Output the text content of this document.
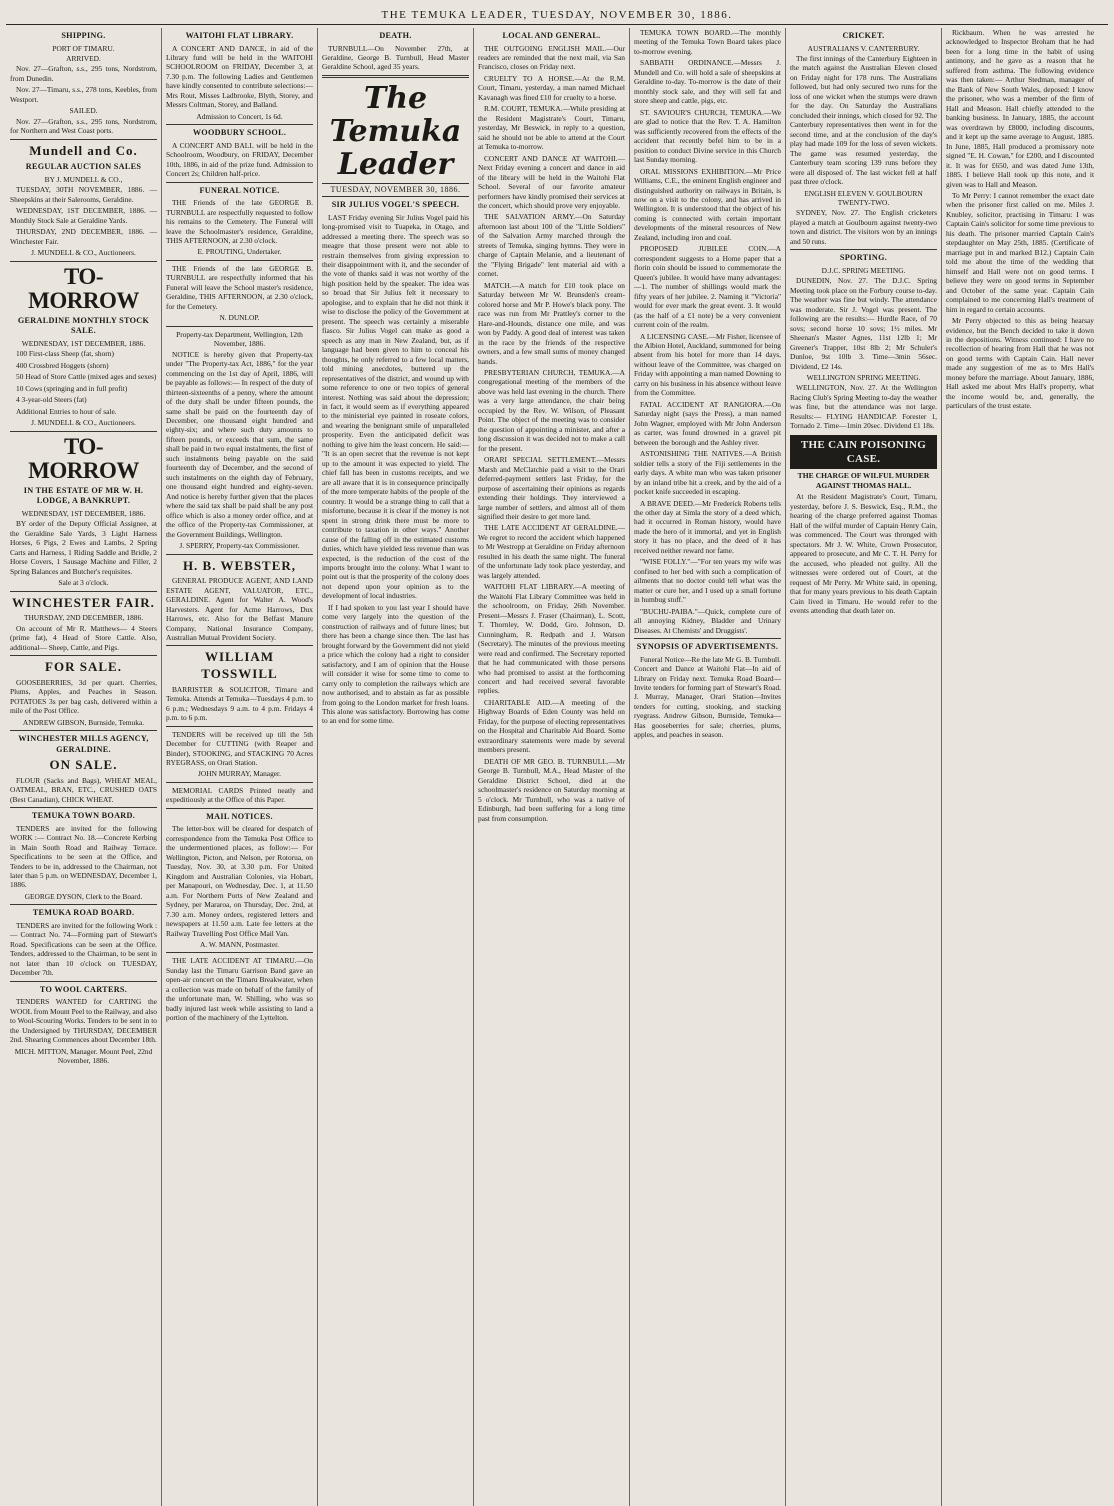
THE TEMUKA LEADER, TUESDAY, NOVEMBER 30, 1886.
SHIPPING.
PORT OF TIMARU.
ARRIVED.

Nov. 27—Grafton, s.s., 295 tons, Nordstrom, from Dunedin.

Nov. 27—Timaru, s.s., 278 tons, Keebles, from Westport.

SAILED.

Nov. 27—Grafton, s.s., 295 tons, Nordstrom, for Northern and West Coast ports.

Mundell and Co.
REGULAR AUCTION SALES
BY J. MUNDELL & CO.,

TUESDAY, 30TH NOVEMBER, 1886. —Sheepskins at their Salerooms, Geraldine.

WEDNESDAY, 1ST DECEMBER, 1886. —Monthly Stock Sale at Geraldine Yards.

THURSDAY, 2ND DECEMBER, 1886. —Winchester Fair.

J. MUNDELL & CO., Auctioneers.
TO-MORROW
GERALDINE MONTHLY STOCK SALE.
WEDNESDAY, 1ST DECEMBER, 1886.

100 First-class Sheep (fat, shorn)

400 Crossbred Hoggets (shorn)

50 Head of Store Cattle (mixed ages and sexes)

10 Cows (springing and in full profit)

4 3-year-old Steers (fat)

Additional Entries to hour of sale.

J. MUNDELL & CO., Auctioneers.
TO-MORROW
IN THE ESTATE OF MR W. H. LODGE, A BANKRUPT.
WEDNESDAY, 1ST DECEMBER, 1886.

BY order of the Deputy Official Assignee, at the Geraldine Sale Yards, 3 Light Harness Horses, 6 Pigs, 2 Ewes and Lambs, 2 Spring Carts and Harness, 1 Riding Saddle and Bridle, 2 Horse Covers, 1 Sausage Machine and Filler, 2 Spring Balances and Butcher's requisites.

Sale at 3 o'clock.
WINCHESTER FAIR.
THURSDAY, 2ND DECEMBER, 1886.

On account of Mr R. Matthews— 4 Steers (prime fat), 4 Head of Store Cattle. Also, additional— Sheep, Cattle, and Pigs.

FOR SALE.

GOOSEBERRIES, 3d per quart. Cherries, Plums, Apples, and Peaches in Season. POTATOES 3s per bag cash, delivered within a mile of the Post Office.

ANDREW GIBSON, Burnside, Temuka.
WINCHESTER MILLS AGENCY, GERALDINE.
ON SALE.

FLOUR (Sacks and Bags), WHEAT MEAL, OATMEAL, BRAN, ETC., CRUSHED OATS (Best Canadian), CHICK WHEAT.

TEMUKA TOWN BOARD.

TENDERS are invited for the following WORK :— Contract No. 18.—Concrete Kerbing in Main South Road and Railway Terrace. Specifications to be seen at the Office, and Tenders to be in, addressed to the Chairman, not later than 5 p.m. on WEDNESDAY, December 1, 1886.

GEORGE DYSON, Clerk to the Board.
TEMUKA ROAD BOARD.

TENDERS are invited for the following Work :— Contract No. 74—Forming part of Stewart's Road. Specifications can be seen at the Office. Tenders, addressed to the Chairman, to be sent in not later than 10 o'clock on TUESDAY, December 7th.

TO WOOL CARTERS.

TENDERS WANTED for CARTING the WOOL from Mount Peel to the Railway, and also to Wool-Scouring Works. Tenders to be sent in to the Undersigned by THURSDAY, DECEMBER 2nd. Shearing Commences about December 18th.

MICH. MITTON, Manager. Mount Peel, 22nd November, 1886.
WAITOHI FLAT LIBRARY.

A CONCERT AND DANCE, in aid of the Library fund will be held in the WAITOHI SCHOOLROOM on FRIDAY, December 3, at 7.30 p.m. The following Ladies and Gentlemen have kindly consented to contribute selections:—Mrs Rout, Misses Ladbrooke, Blyth, Storey, and Messrs Coltman, Storey, and Balland.

Admission to Concert, 1s 6d.
WOODBURY SCHOOL.

A CONCERT AND BALL will be held in the Schoolroom, Woodbury, on FRIDAY, December 10th, 1886, in aid of the prize fund. Admission to Concert 2s; Children half-price.

FUNERAL NOTICE.

THE Friends of the late GEORGE B. TURNBULL are respectfully requested to follow his remains to the Cemetery. The Funeral will leave the Schoolmaster's residence, Geraldine, THIS AFTERNOON, at 2.30 o'clock.

E. PROUTING, Undertaker.

THE Friends of the late GEORGE B. TURNBULL are respectfully informed that his Funeral will leave the School master's residence, Geraldine, THIS AFTERNOON, at 2.30 o'clock, for the Cemetery.

N. DUNLOP.
Property-tax Department, Wellington, 12th November, 1886.

NOTICE is hereby given that Property-tax under "The Property-tax Act, 1886," for the year commencing on the 1st day of April, 1886, will be payable as follows:— In respect of the duty of thirteen-sixteenths of a penny, where the amount of the duty shall be under fifteen pounds, the same shall be paid on the fourteenth day of December, one thousand eight hundred and eighty-six; and where such duty amounts to fifteen pounds, or exceeds that sum, the same shall be paid in two equal instalments, the first of such instalments being payable on the said fourteenth day of December, and the second of such instalments on the eighth day of February, one thousand eight hundred and eighty-seven. And notice is hereby further given that the places where the said tax shall be paid shall be any post office which is also a money order office, and at the office of the Property-tax Commissioner, at the Government Buildings, Wellington.

J. SPERRY, Property-tax Commissioner.
H. B. WEBSTER,

GENERAL PRODUCE AGENT, AND LAND ESTATE AGENT, VALUATOR, ETC., GERALDINE. Agent for Walter A. Wood's Harvesters. Agent for Acme Harrows, Dux Harrows, etc. Also for the Belfast Manure Company, National Insurance Company, Australian Mutual Provident Society.

WILLIAM TOSSWILL

BARRISTER & SOLICITOR, Timaru and Temuka. Attends at Temuka—Tuesdays 4 p.m. to 6 p.m.; Wednesdays 9 a.m. to 4 p.m. Fridays 4 p.m. to 6 p.m.

TENDERS will be received up till the 5th December for CUTTING (with Reaper and Binder), STOOKING, and STACKING 70 Acres RYEGRASS, on Orari Station.

JOHN MURRAY, Manager.

MEMORIAL CARDS Printed neatly and expeditiously at the Office of this Paper.

MAIL NOTICES.

The letter-box will be cleared for despatch of correspondence from the Temuka Post Office to the undermentioned places, as follow:— For Wellington, Picton, and Nelson, per Rotorua, on Tuesday, Nov. 30, at 3.30 p.m. For United Kingdom and Australian Colonies, via Hobart, per Manapouri, on Wednesday, Dec. 1, at 11.50 a.m. For Northern Ports of New Zealand and Sydney, per Mararoa, on Thursday, Dec. 2nd, at 7.30 a.m. Money orders, registered letters and newspapers at 11.50 a.m. Late fee letters at the Railway Travelling Post Office Mail Van.

A. W. MANN, Postmaster.

THE LATE ACCIDENT AT TIMARU.—On Sunday last the Timaru Garrison Band gave an open-air concert on the Timaru Breakwater, when a collection was made on behalf of the family of the unfortunate man, W. Shilling, who was so badly injured last week while assisting to land a portion of the machinery of the Lyttelton.

DEATH.

TURNBULL—On November 27th, at Geraldine, George B. Turnbull, Head Master Geraldine School, aged 35 years.

The Temuka Leader
TUESDAY, NOVEMBER 30, 1886.
SIR JULIUS VOGEL'S SPEECH.

LAST Friday evening Sir Julius Vogel paid his long-promised visit to Tuapeka, in Otago, and addressed a meeting there. The speech was so meagre that those present were not able to restrain themselves from giving expression to their disappointment with it, and the seconder of the vote of thanks said it was not worthy of the high position held by the speaker. The idea was so broad that Sir Julius felt it necessary to apologise, and to explain that he did not think it wise to disclose the policy of the Government at present. The speech was certainly a miserable fiasco. Sir Julius Vogel can make as good a speech as any man in New Zealand, but, as if language had been given to him to conceal his thoughts, he only referred to a few local matters, told mining anecdotes, buttered up the representatives of the district, and wound up with some reference to one or two topics of general interest. Nothing was said about the depression; in fact, it would seem as if everything appeared to the ministerial eye painted in roseate colors, and wearing the benignant smile of unparalleled prosperity. Even the anticipated deficit was nothing to give him the least concern. He said:— "It is an open secret that the revenue is not kept up to the amount it was expected to yield. The chief fall has been in customs receipts, and we are all aware that it is in consequence principally of the more temperate habits of the people of the country. It would be a strange thing to call that a misfortune, because it is clear if the money is not spent in strong drink there must be more to contribute to taxation in other ways." Another cause of the falling off in the estimated customs duties, which have yielded less revenue than was expected, is the reduction of the cost of the imports brought into the colony. What I want to point out is that the prosperity of the colony does not depend upon your opinion as to the development of local industries.

If I had spoken to you last year I should have come very largely into the question of the construction of railways and of future lines; but there has been a change since then. The last has brought forward by the Government did not yield a price which the colony had a right to consider satisfactory, and I am of opinion that the House will consider it wise for some time to come to carry only to completion the railways which are now authorised, and to abstain as far as possible from going to the London market for fresh loans. This alone was satisfactory. Borrowing has come to an end for some time.

LOCAL AND GENERAL.

THE OUTGOING ENGLISH MAIL.—Our readers are reminded that the next mail, via San Francisco, closes on Friday next.

CRUELTY TO A HORSE.—At the R.M. Court, Timaru, yesterday, a man named Michael Kavanagh was fined £10 for cruelty to a horse.

R.M. COURT, TEMUKA.—While presiding at the Resident Magistrate's Court, Timaru, yesterday, Mr Beswick, in reply to a question, said he should not be able to attend at the Court at Temuka to-morrow.

CONCERT AND DANCE AT WAITOHI.—Next Friday evening a concert and dance in aid of the library will be held in the Waitohi Flat School. Several of our favorite amateur performers have kindly promised their services at the concert, which should prove very enjoyable.

THE SALVATION ARMY.—On Saturday afternoon last about 100 of the "Little Soldiers" of the Salvation Army marched through the streets of Temuka, singing hymns. They were in charge of Captain Melanie, and a lieutenant of the "Flying Brigade" lent material aid with a cornet.

MATCH.—A match for £10 took place on Saturday between Mr W. Brunsden's cream-colored horse and Mr P. Howe's black pony. The race was run from Mr Prattley's corner to the Hare-and-Hounds, distance one mile, and was won by Paddy. A good deal of interest was taken in the race by the friends of the respective owners, and a few small sums of money changed hands.

PRESBYTERIAN CHURCH, TEMUKA.—A congregational meeting of the members of the above was held last evening in the church. There was a very large attendance, the chair being occupied by the Rev. W. Wilson, of Pleasant Point. The object of the meeting was to consider the question of appointing a minister, and after a long discussion it was decided not to make a call for the present.

ORARI SPECIAL SETTLEMENT.—Messrs Marsh and McClatchie paid a visit to the Orari deferred-payment settlers last Friday, for the purpose of ascertaining their opinions as regards extending their holdings. They interviewed a large number of settlers, and almost all of them signified their desire to get more land.

THE LATE ACCIDENT AT GERALDINE.—We regret to record the accident which happened to Mr Westropp at Geraldine on Friday afternoon resulted in his death the same night. The funeral of the unfortunate lady took place yesterday, and was largely attended.

WAITOHI FLAT LIBRARY.—A meeting of the Waitohi Flat Library Committee was held in the schoolroom, on Friday, 26th November. Present—Messrs J. Fraser (Chairman), L. Scott, T. Thornley, W. Dodd, Gro. Johnson, D. Cunningham, R. Redpath and J. Watson (Secretary). The minutes of the previous meeting were read and confirmed. The Secretary reported that he had communicated with those persons who had promised to assist at the forthcoming concert and had received several favorable replies.

CHARITABLE AID.—A meeting of the Highway Boards of Eden County was held on Friday, for the purpose of electing representatives on the Hospital and Charitable Aid Board. Some extraordinary statements were made by several members present.

DEATH OF MR GEO. B. TURNBULL.—Mr George B. Turnbull, M.A., Head Master of the Geraldine District School, died at the schoolmaster's residence on Saturday morning at 5 o'clock. Mr Turnbull, who was a native of Edinburgh, had been suffering for a long time past from consumption.

TEMUKA TOWN BOARD.—The monthly meeting of the Temuka Town Board takes place to-morrow evening.

SABBATH ORDINANCE.—Messrs J. Mundell and Co. will hold a sale of sheepskins at Geraldine to-day. To-morrow is the date of their monthly stock sale, and they will sell fat and store sheep and cattle, pigs, etc.

ST. SAVIOUR'S CHURCH, TEMUKA.—We are glad to notice that the Rev. T. A. Hamilton was sufficiently recovered from the effects of the accident that recently befel him to be in a position to conduct Divine service in this Church last Sunday morning.

ORAL MISSIONS EXHIBITION.—Mr Price Williams, C.E., the eminent English engineer and distinguished authority on railways in Britain, is now on a visit to the colony, and has arrived in Wellington. It is understood that the object of his coming is connected with certain important developments of the mineral resources of New Zealand, including iron and coal.

PROPOSED JUBILEE COIN.—A correspondent suggests to a Home paper that a florin coin should be issued to commemorate the Queen's jubilee. It would have many advantages:—1. The number of shillings would mark the fifty years of her jubilee. 2. Naming it "Victoria" would for ever mark the great event. 3. It would (as the half of a £1 note) be a very convenient current coin of the realm.

A LICENSING CASE.—Mr Fisher, licensee of the Albion Hotel, Auckland, summoned for being absent from his hotel for more than 14 days, without leave of the Committee, was charged on Friday with appointing a man named Downing to carry on his business in his absence without leave from the Committee.

FATAL ACCIDENT AT RANGIORA.—On Saturday night (says the Press), a man named John Wagner, employed with Mr John Anderson as carter, was found drowned in a gravel pit between the borough and the Ashley river.

ASTONISHING THE NATIVES.—A British soldier tells a story of the Fiji settlements in the early days. A white man who was taken prisoner by an inland tribe hit a creek, and by the aid of a pocket knife succeeded in escaping.

A BRAVE DEED.—Mr Frederick Roberts tells the other day at Simla the story of a deed which, had it occurred in Roman history, would have made the hero of it immortal, and yet in English story it has no place, and the deed of it has received neither reward nor fame.

"WISE FOLLY."—"For ten years my wife was confined to her bed with such a complication of ailments that no doctor could tell what was the matter or cure her, and I used up a small fortune in humbug stuff."

"BUCHU-PAIBA."—Quick, complete cure of all annoying Kidney, Bladder and Urinary Diseases. At Chemists' and Druggists'.

SYNOPSIS OF ADVERTISEMENTS.

Funeral Notice—Re the late Mr G. B. Turnbull. Concert and Dance at Waitohi Flat—In aid of Library on Friday next. Temuka Road Board—Invite tenders for forming part of Stewart's Road. J. Murray, Manager, Orari Station—Invites tenders for cutting, stooking, and stacking ryegrass. Andrew Gibson, Burnside, Temuka—Has gooseberries for sale; cherries, plums, apples, and peaches in season.

CRICKET.
AUSTRALIANS V. CANTERBURY.

The first innings of the Canterbury Eighteen in the match against the Australian Eleven closed on Friday night for 178 runs. The Australians followed, but had only secured two runs for the loss of one wicket when the stumps were drawn for the day. On Saturday the Australians concluded their innings, which closed for 92. The Canterbury representatives then went in for the second time, and at the conclusion of the day's play had made 109 for the loss of seven wickets. The game was resumed yesterday, the Canterbury team scoring 139 runs before they were all disposed of. The last wicket fell at half past three o'clock.

ENGLISH ELEVEN V. GOULBOURN TWENTY-TWO.

SYDNEY, Nov. 27. The English cricketers played a match at Goulbourn against twenty-two town and district. The visitors won by an innings and 50 runs.

SPORTING.
D.J.C. SPRING MEETING.

DUNEDIN, Nov. 27. The D.J.C. Spring Meeting took place on the Forbury course to-day. The weather was fine but windy. The attendance was moderate. Sir J. Vogel was present. The following are the results:— Hurdle Race, of 70 sovs; second horse 10 sovs; 1½ miles. Mr Sheenan's Master Agnes, 11st 12lb 1; Mr Greener's Trapper, 10st 8lb 2; Mr Schuler's Dunloe, 9st 10lb 3. Time—3min 56sec. Dividend, £2 14s.

WELLINGTON SPRING MEETING.

WELLINGTON, Nov. 27. At the Wellington Racing Club's Spring Meeting to-day the weather was fine, but the attendance was not large. Results:— FLYING HANDICAP. Forester 1, Tornado 2. Time—1min 20sec. Dividend £1 18s.

THE CAIN POISONING CASE.
THE CHARGE OF WILFUL MURDER AGAINST THOMAS HALL.

At the Resident Magistrate's Court, Timaru, yesterday, before J. S. Beswick, Esq., R.M., the hearing of the charge preferred against Thomas Hall of the wilful murder of Captain Henry Cain, was commenced. The Court was thronged with spectators. Mr J. W. White, Crown Prosecutor, appeared to prosecute, and Mr C. T. H. Perry for the accused, who pleaded not guilty. All the witnesses were ordered out of Court, at the request of Mr Perry. Mr White said, in opening, that for many years previous to his death Captain Cain lived in Timaru. He would refer to the events attending that death later on.

Rickbaum. When he was arrested he acknowledged to Inspector Broham that he had been for a long time in the habit of using antimony, and he gave as a reason that he suffered from asthma. The following evidence was then taken:— Arthur Stedman, manager of the Bank of New South Wales, deposed: I know the prisoner, who was a member of the firm of Hall and Meason. Hall chiefly attended to the banking business. In January, 1885, the account was overdrawn by £8000, including discounts, and it kept up the same average to August, 1885. In June, 1885, Hall produced a promissory note signed "E. H. Cowan," for £200, and I discounted it. It was for £650, and was dated June 13th, 1885. I believe Hall took up this note, and it given was to Hall and Meason.

To Mr Perry: I cannot remember the exact date when the prisoner first called on me. Miles J. Knubley, solicitor, practising in Timaru: I was Captain Cain's solicitor for some time previous to his death. The prisoner married Captain Cain's stepdaughter on May 25th, 1885. (Certificate of marriage put in and marked B12.) Captain Cain told me about the time of the wedding that himself and Hall were not on good terms. I believe they were on good terms in September and October of the same year. Captain Cain complained to me concerning Hall's treatment of him in regard to certain accounts.

Mr Perry objected to this as being hearsay evidence, but the Bench decided to take it down in the depositions. Witness continued: I have no recollection of hearing from Hall that he was not on good terms with Captain Cain. Hall never made any suggestion of me as to Mrs Hall's money before the marriage. About January, 1886, Hall asked me about Mrs Hall's property, what the income would be, and, generally, the particulars of the trust estate.
